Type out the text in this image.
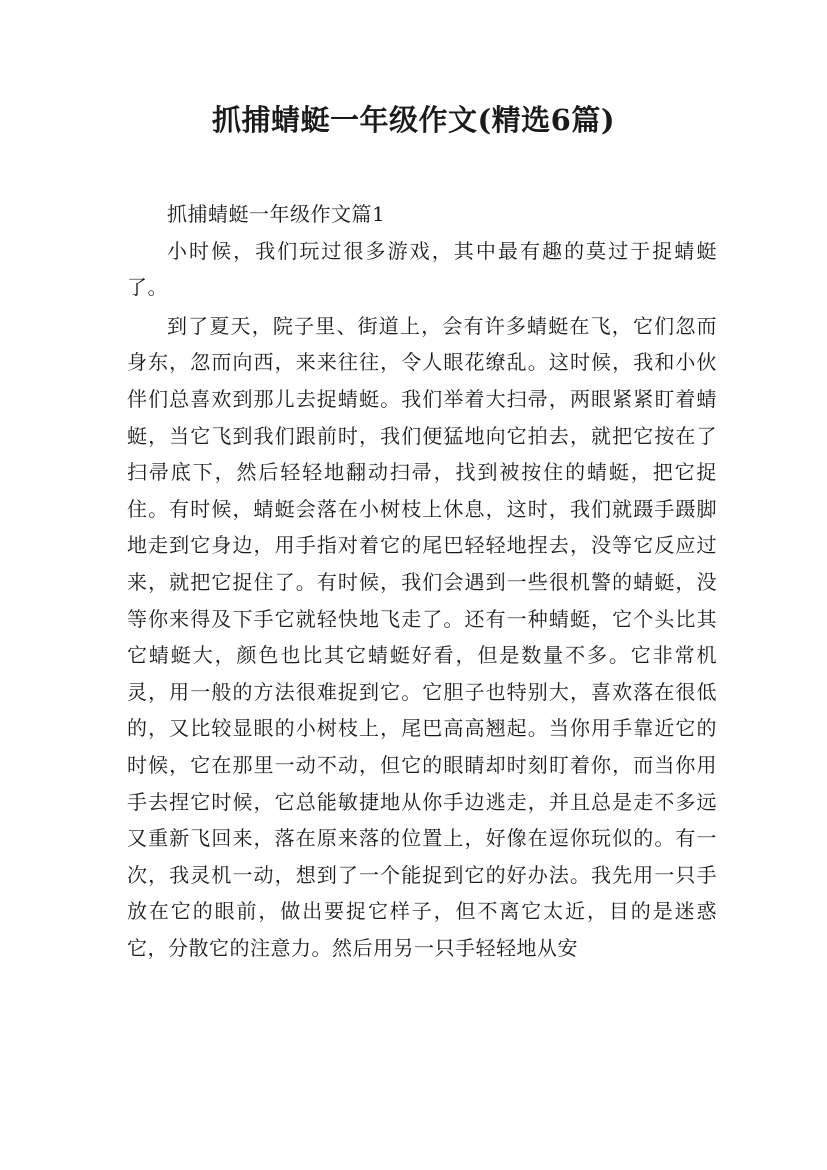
抓捕蜻蜓一年级作文(精选6篇)

抓捕蜻蜓一年级作文篇1

小时候，我们玩过很多游戏，其中最有趣的莫过于捉蜻蜓了。

到了夏天，院子里、街道上，会有许多蜻蜓在飞，它们忽而身东，忽而向西，来来往往，令人眼花缭乱。这时候，我和小伙伴们总喜欢到那儿去捉蜻蜓。我们举着大扫帚，两眼紧紧盯着蜻蜓，当它飞到我们跟前时，我们便猛地向它拍去，就把它按在了扫帚底下，然后轻轻地翻动扫帚，找到被按住的蜻蜓，把它捉住。有时候，蜻蜓会落在小树枝上休息，这时，我们就蹑手蹑脚地走到它身边，用手指对着它的尾巴轻轻地捏去，没等它反应过来，就把它捉住了。有时候，我们会遇到一些很机警的蜻蜓，没等你来得及下手它就轻快地飞走了。还有一种蜻蜓，它个头比其它蜻蜓大，颜色也比其它蜻蜓好看，但是数量不多。它非常机灵，用一般的方法很难捉到它。它胆子也特别大，喜欢落在很低的，又比较显眼的小树枝上，尾巴高高翘起。当你用手靠近它的时候，它在那里一动不动，但它的眼睛却时刻盯着你，而当你用手去捏它时候，它总能敏捷地从你手边逃走，并且总是走不多远又重新飞回来，落在原来落的位置上，好像在逗你玩似的。有一次，我灵机一动，想到了一个能捉到它的好办法。我先用一只手放在它的眼前，做出要捉它样子，但不离它太近，目的是迷惑它，分散它的注意力。然后用另一只手轻轻地从安
